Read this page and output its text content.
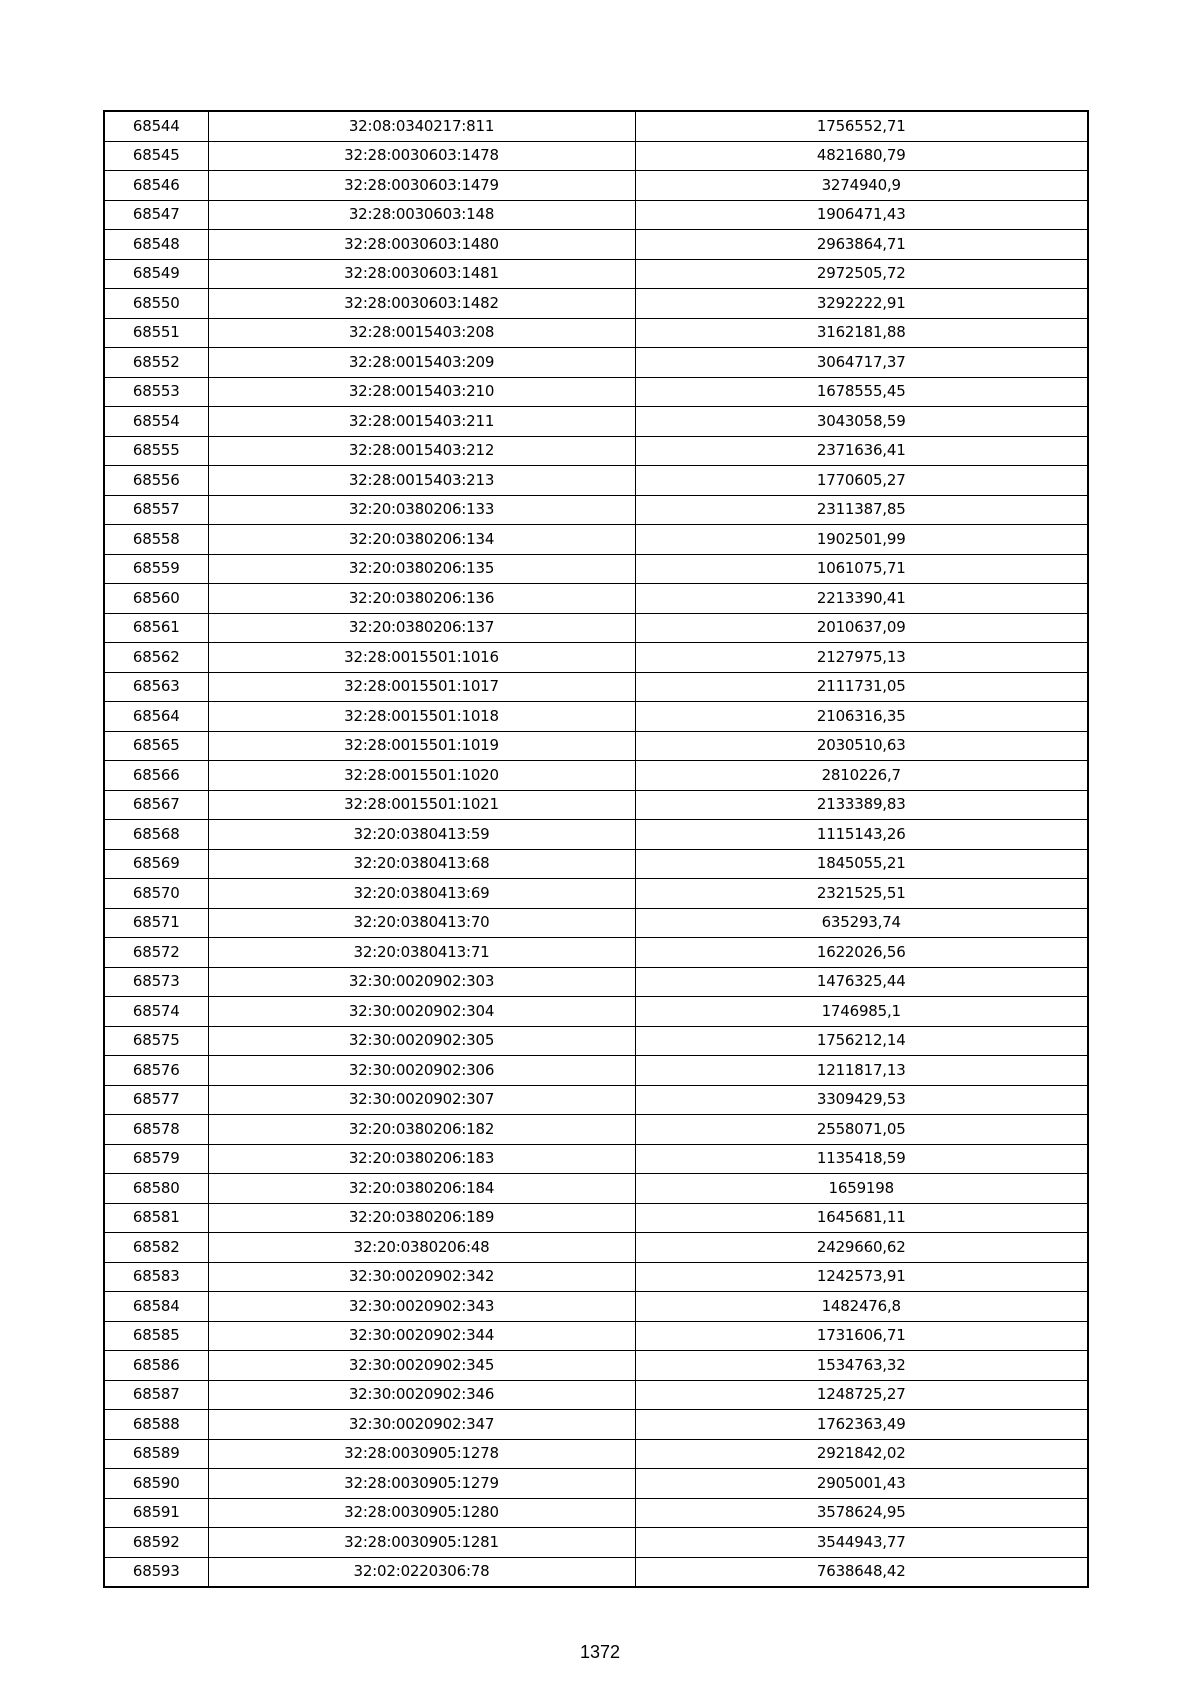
68544	32:08:0340217:811	1756552,71
68545	32:28:0030603:1478	4821680,79
68546	32:28:0030603:1479	3274940,9
68547	32:28:0030603:148	1906471,43
68548	32:28:0030603:1480	2963864,71
68549	32:28:0030603:1481	2972505,72
68550	32:28:0030603:1482	3292222,91
68551	32:28:0015403:208	3162181,88
68552	32:28:0015403:209	3064717,37
68553	32:28:0015403:210	1678555,45
68554	32:28:0015403:211	3043058,59
68555	32:28:0015403:212	2371636,41
68556	32:28:0015403:213	1770605,27
68557	32:20:0380206:133	2311387,85
68558	32:20:0380206:134	1902501,99
68559	32:20:0380206:135	1061075,71
68560	32:20:0380206:136	2213390,41
68561	32:20:0380206:137	2010637,09
68562	32:28:0015501:1016	2127975,13
68563	32:28:0015501:1017	2111731,05
68564	32:28:0015501:1018	2106316,35
68565	32:28:0015501:1019	2030510,63
68566	32:28:0015501:1020	2810226,7
68567	32:28:0015501:1021	2133389,83
68568	32:20:0380413:59	1115143,26
68569	32:20:0380413:68	1845055,21
68570	32:20:0380413:69	2321525,51
68571	32:20:0380413:70	635293,74
68572	32:20:0380413:71	1622026,56
68573	32:30:0020902:303	1476325,44
68574	32:30:0020902:304	1746985,1
68575	32:30:0020902:305	1756212,14
68576	32:30:0020902:306	1211817,13
68577	32:30:0020902:307	3309429,53
68578	32:20:0380206:182	2558071,05
68579	32:20:0380206:183	1135418,59
68580	32:20:0380206:184	1659198
68581	32:20:0380206:189	1645681,11
68582	32:20:0380206:48	2429660,62
68583	32:30:0020902:342	1242573,91
68584	32:30:0020902:343	1482476,8
68585	32:30:0020902:344	1731606,71
68586	32:30:0020902:345	1534763,32
68587	32:30:0020902:346	1248725,27
68588	32:30:0020902:347	1762363,49
68589	32:28:0030905:1278	2921842,02
68590	32:28:0030905:1279	2905001,43
68591	32:28:0030905:1280	3578624,95
68592	32:28:0030905:1281	3544943,77
68593	32:02:0220306:78	7638648,42
1372
